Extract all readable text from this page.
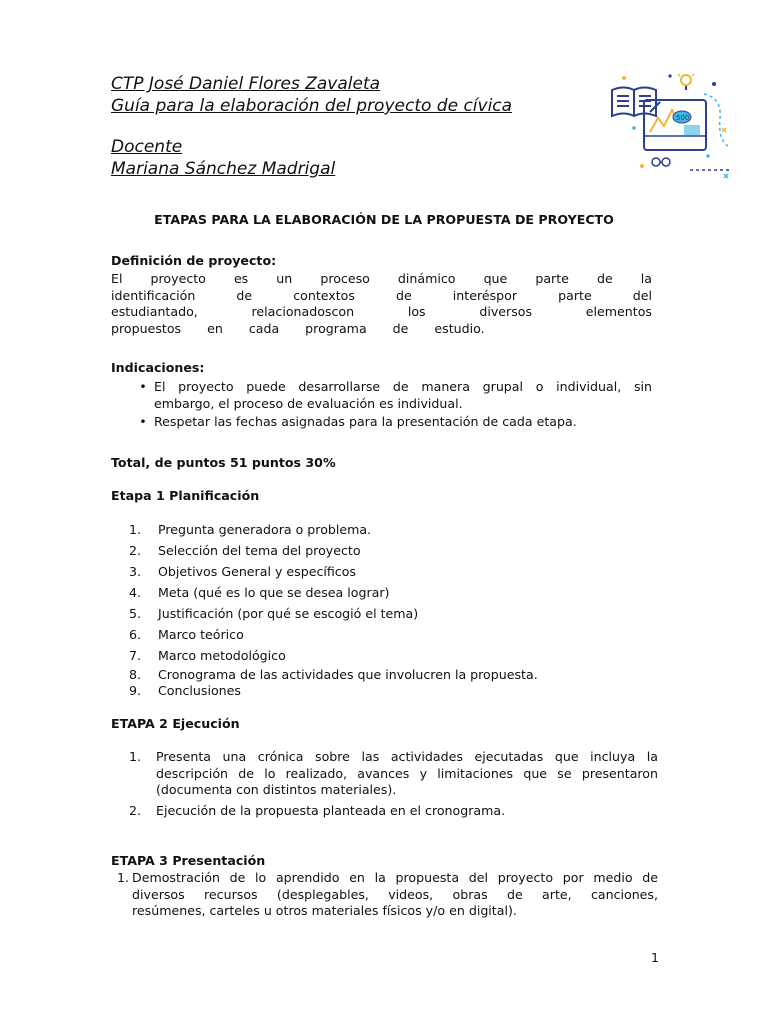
CTP José Daniel Flores Zavaleta
Guía para la elaboración del proyecto de cívica
Docente
Mariana Sánchez Madrigal
500
ETAPAS PARA LA ELABORACIÓN DE LA PROPUESTA DE PROYECTO
Definición de proyecto:
El proyecto es un proceso dinámico que parte de la
identificación de contextos de interéspor parte del
estudiantado, relacionadoscon los diversos elementos
propuestos en cada programa de estudio.
Indicaciones:
• El proyecto puede desarrollarse de manera grupal o individual, sin
embargo, el proceso de evaluación es individual.
• Respetar las fechas asignadas para la presentación de cada etapa.
Total, de puntos 51 puntos 30%
Etapa 1 Planificación
1. Pregunta generadora o problema.
2. Selección del tema del proyecto
3. Objetivos General y específicos
4. Meta (qué es lo que se desea lograr)
5. Justificación (por qué se escogió el tema)
6. Marco teórico
7. Marco metodológico
8. Cronograma de las actividades que involucren la propuesta.
9. Conclusiones
ETAPA 2 Ejecución
1. Presenta una crónica sobre las actividades ejecutadas que incluya la
descripción de lo realizado, avances y limitaciones que se presentaron
(documenta con distintos materiales).
2. Ejecución de la propuesta planteada en el cronograma.
ETAPA 3 Presentación
1. Demostración de lo aprendido en la propuesta del proyecto por medio de
diversos recursos (desplegables, videos, obras de arte, canciones,
resúmenes, carteles u otros materiales físicos y/o en digital).
1
